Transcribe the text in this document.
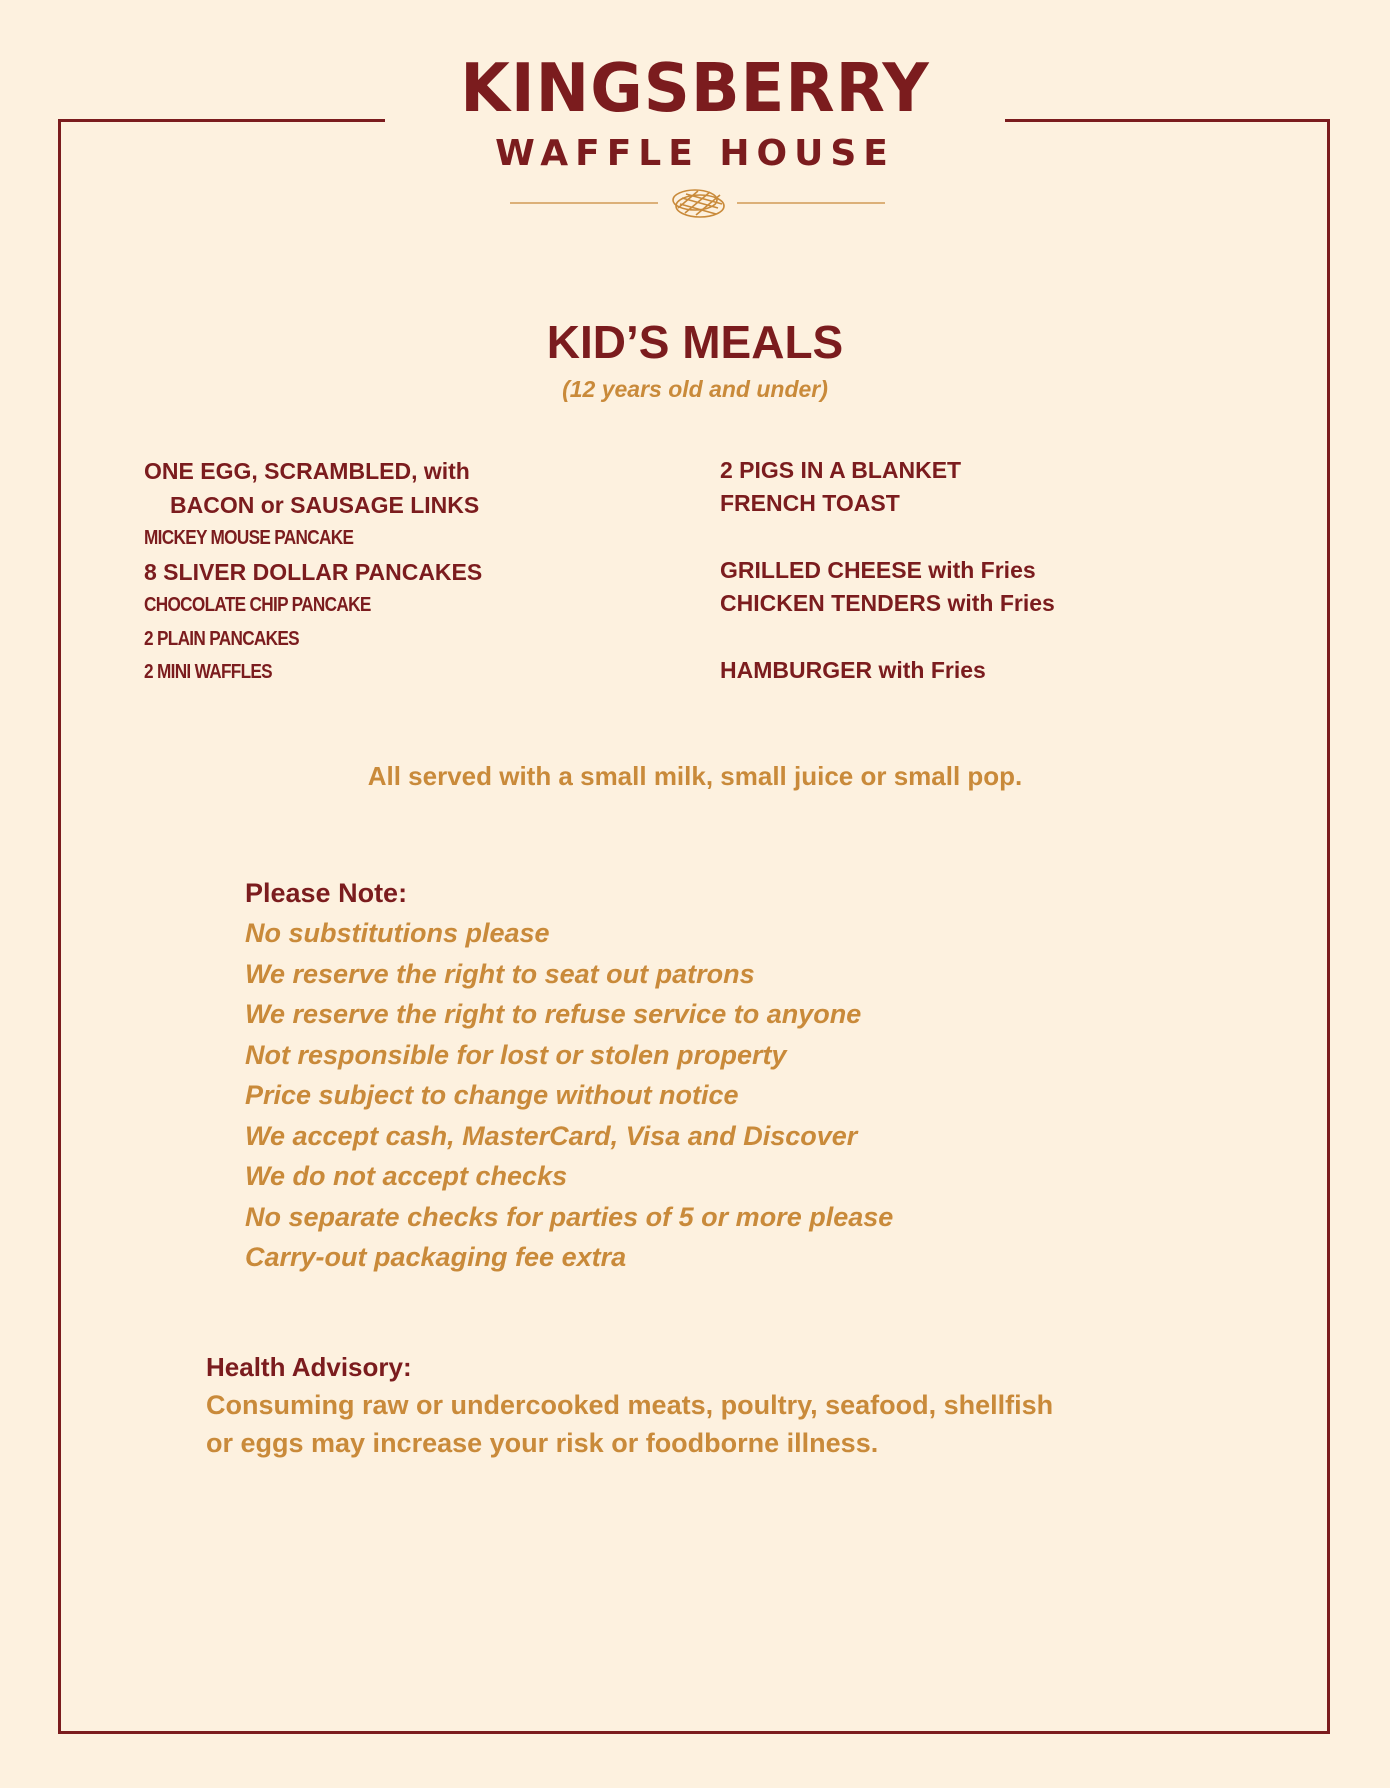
KINGSBERRY
WAFFLE HOUSE
KID’S MEALS
(12 years old and under)
ONE EGG, SCRAMBLED, with
BACON or SAUSAGE LINKS
MICKEY MOUSE PANCAKE
8 SLIVER DOLLAR PANCAKES
CHOCOLATE CHIP PANCAKE
2 PLAIN PANCAKES
2 MINI WAFFLES
2 PIGS IN A BLANKET
FRENCH TOAST
GRILLED CHEESE with Fries
CHICKEN TENDERS with Fries
HAMBURGER with Fries
All served with a small milk, small juice or small pop.
Please Note:
No substitutions please
We reserve the right to seat out patrons
We reserve the right to refuse service to anyone
Not responsible for lost or stolen property
Price subject to change without notice
We accept cash, MasterCard, Visa and Discover
We do not accept checks
No separate checks for parties of 5 or more please
Carry-out packaging fee extra
Health Advisory:
Consuming raw or undercooked meats, poultry, seafood, shellfish
or eggs may increase your risk or foodborne illness.
